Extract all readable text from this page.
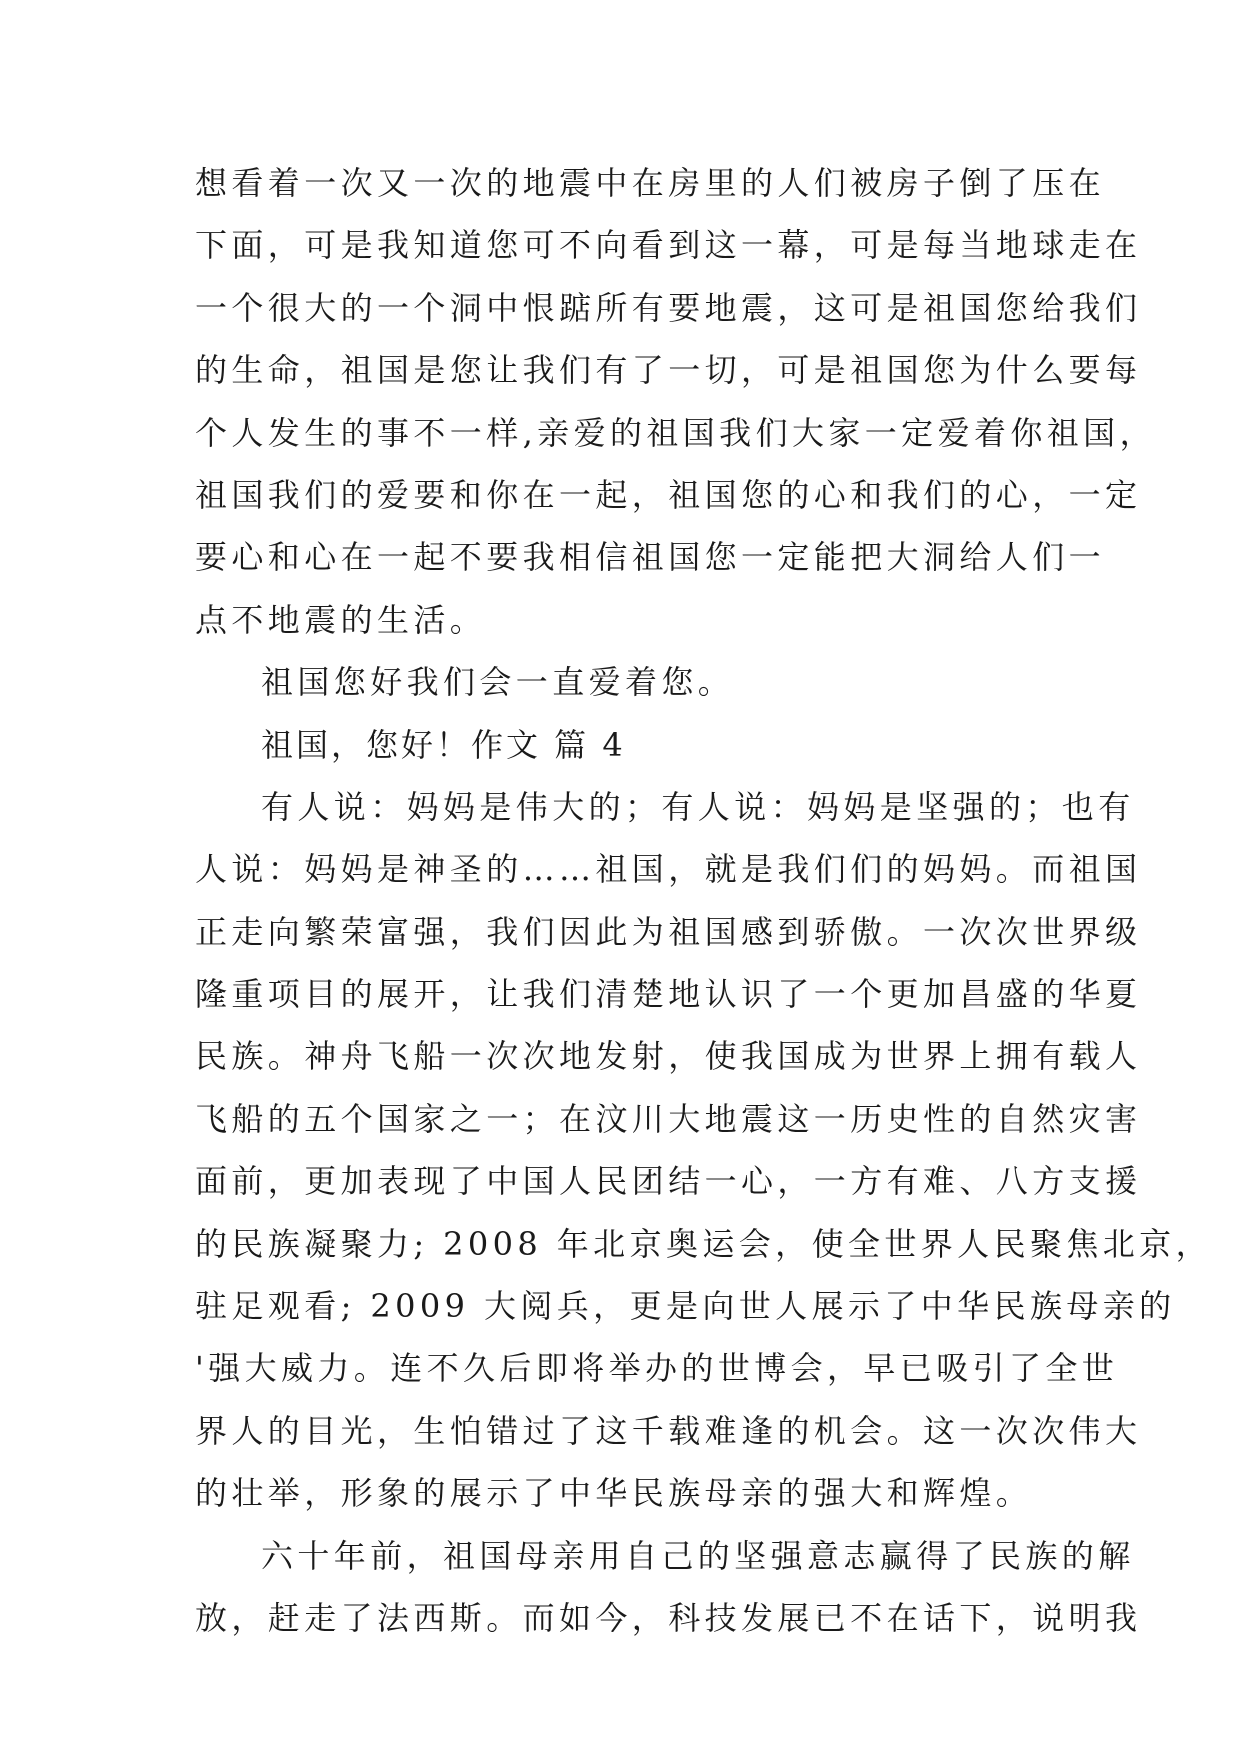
想看着一次又一次的地震中在房里的人们被房子倒了压在
下面，可是我知道您可不向看到这一幕，可是每当地球走在
一个很大的一个洞中恨踮所有要地震，这可是祖国您给我们
的生命，祖国是您让我们有了一切，可是祖国您为什么要每
个人发生的事不一样,亲爱的祖国我们大家一定爱着你祖国，
祖国我们的爱要和你在一起，祖国您的心和我们的心，一定
要心和心在一起不要我相信祖国您一定能把大洞给人们一
点不地震的生活。
祖国您好我们会一直爱着您。
祖国，您好！作文 篇 4
有人说：妈妈是伟大的；有人说：妈妈是坚强的；也有
人说：妈妈是神圣的……祖国，就是我们们的妈妈。而祖国
正走向繁荣富强，我们因此为祖国感到骄傲。一次次世界级
隆重项目的展开，让我们清楚地认识了一个更加昌盛的华夏
民族。神舟飞船一次次地发射，使我国成为世界上拥有载人
飞船的五个国家之一；在汶川大地震这一历史性的自然灾害
面前，更加表现了中国人民团结一心，一方有难、八方支援
的民族凝聚力; 2008 年北京奥运会，使全世界人民聚焦北京，
驻足观看; 2009 大阅兵，更是向世人展示了中华民族母亲的
'强大威力。连不久后即将举办的世博会，早已吸引了全世
界人的目光，生怕错过了这千载难逢的机会。这一次次伟大
的壮举，形象的展示了中华民族母亲的强大和辉煌。
六十年前，祖国母亲用自己的坚强意志赢得了民族的解
放，赶走了法西斯。而如今，科技发展已不在话下，说明我
